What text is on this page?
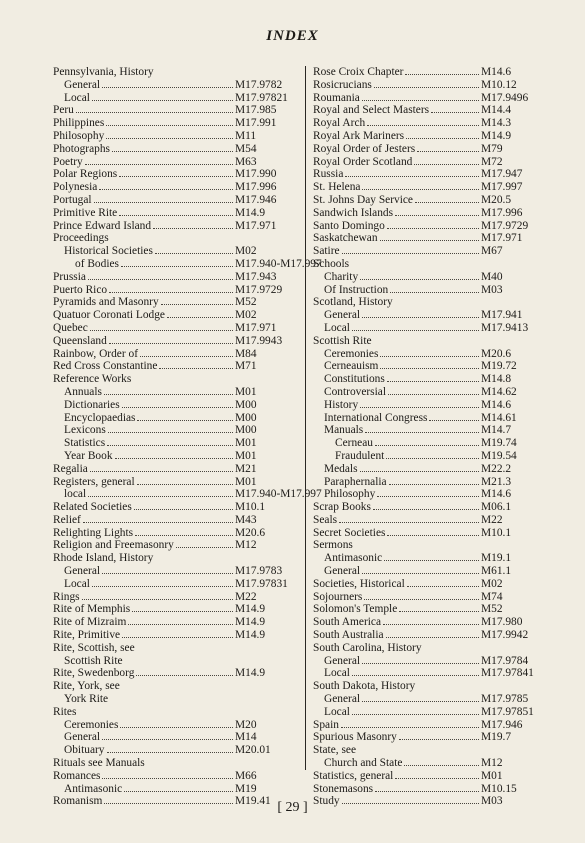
INDEX
Pennsylvania, History
General	M17.9782
Local	M17.97821
Peru	M17.985
Philippines	M17.991
Philosophy	M11
Photographs	M54
Poetry	M63
Polar Regions	M17.990
Polynesia	M17.996
Portugal	M17.946
Primitive Rite	M14.9
Prince Edward Island	M17.971
Proceedings
Historical Societies	M02
of Bodies	M17.940-M17.997
Prussia	M17.943
Puerto Rico	M17.9729
Pyramids and Masonry	M52
Quatuor Coronati Lodge	M02
Quebec	M17.971
Queensland	M17.9943
Rainbow, Order of	M84
Red Cross Constantine	M71
Reference Works
Annuals	M01
Dictionaries	M00
Encyclopaedias	M00
Lexicons	M00
Statistics	M01
Year Book	M01
Regalia	M21
Registers, general	M01
local	M17.940-M17.997
Related Societies	M10.1
Relief	M43
Relighting Lights	M20.6
Religion and Freemasonry	M12
Rhode Island, History
General	M17.9783
Local	M17.97831
Rings	M22
Rite of Memphis	M14.9
Rite of Mizraim	M14.9
Rite, Primitive	M14.9
Rite, Scottish, see
Scottish Rite
Rite, Swedenborg	M14.9
Rite, York, see
York Rite
Rites
Ceremonies	M20
General	M14
Obituary	M20.01
Rituals see Manuals
Romances	M66
Antimasonic	M19
Romanism	M19.41
Rose Croix Chapter	M14.6
Rosicrucians	M10.12
Roumania	M17.9496
Royal and Select Masters	M14.4
Royal Arch	M14.3
Royal Ark Mariners	M14.9
Royal Order of Jesters	M79
Royal Order Scotland	M72
Russia	M17.947
St. Helena	M17.997
St. Johns Day Service	M20.5
Sandwich Islands	M17.996
Santo Domingo	M17.9729
Saskatchewan	M17.971
Satire	M67
Schools
Charity	M40
Of Instruction	M03
Scotland, History
General	M17.941
Local	M17.9413
Scottish Rite
Ceremonies	M20.6
Cerneauism	M19.72
Constitutions	M14.8
Controversial	M14.62
History	M14.6
International Congress	M14.61
Manuals	M14.7
Cerneau	M19.74
Fraudulent	M19.54
Medals	M22.2
Paraphernalia	M21.3
Philosophy	M14.6
Scrap Books	M06.1
Seals	M22
Secret Societies	M10.1
Sermons
Antimasonic	M19.1
General	M61.1
Societies, Historical	M02
Sojourners	M74
Solomon's Temple	M52
South America	M17.980
South Australia	M17.9942
South Carolina, History
General	M17.9784
Local	M17.97841
South Dakota, History
General	M17.9785
Local	M17.97851
Spain	M17.946
Spurious Masonry	M19.7
State, see
Church and State	M12
Statistics, general	M01
Stonemasons	M10.15
Study	M03
[ 29 ]
